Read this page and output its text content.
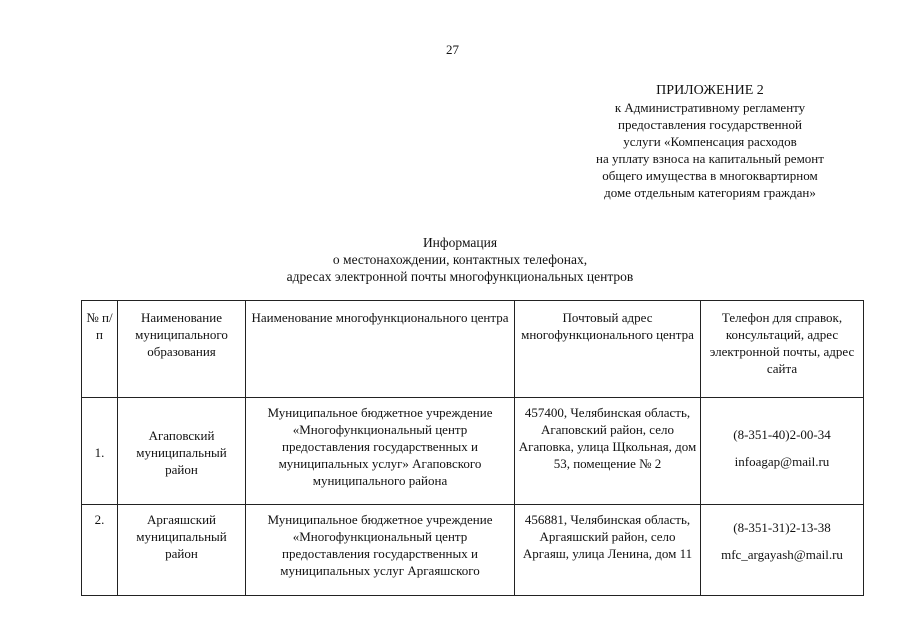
27
ПРИЛОЖЕНИЕ 2
к Административному регламенту
предоставления государственной
услуги «Компенсация расходов
на уплату взноса на капитальный ремонт
общего имущества в многоквартирном
доме отдельным категориям граждан»
Информация
о местонахождении, контактных телефонах,
адресах электронной почты многофункциональных центров
№ п/п	Наименование муниципального образования	Наименование многофункционального центра	Почтовый адрес многофункционального центра	Телефон для справок, консультаций, адрес электронной почты, адрес сайта
1.	Агаповский муниципальный район	Муниципальное бюджетное учреждение «Многофункциональный центр предоставления государственных и муниципальных услуг» Агаповского муниципального района	457400, Челябинская область, Агаповский район, село Агаповка, улица Щкольная, дом 53, помещение № 2	(8-351-40)2-00-34
infoagap@mail.ru

2.	Аргаяшский муниципальный район	Муниципальное бюджетное учреждение «Многофункциональный центр предоставления государственных и муниципальных услуг Аргаяшского	456881, Челябинская область, Аргаяшский район, село Аргаяш, улица Ленина, дом 11	(8-351-31)2-13-38
mfc_argayash@mail.ru
